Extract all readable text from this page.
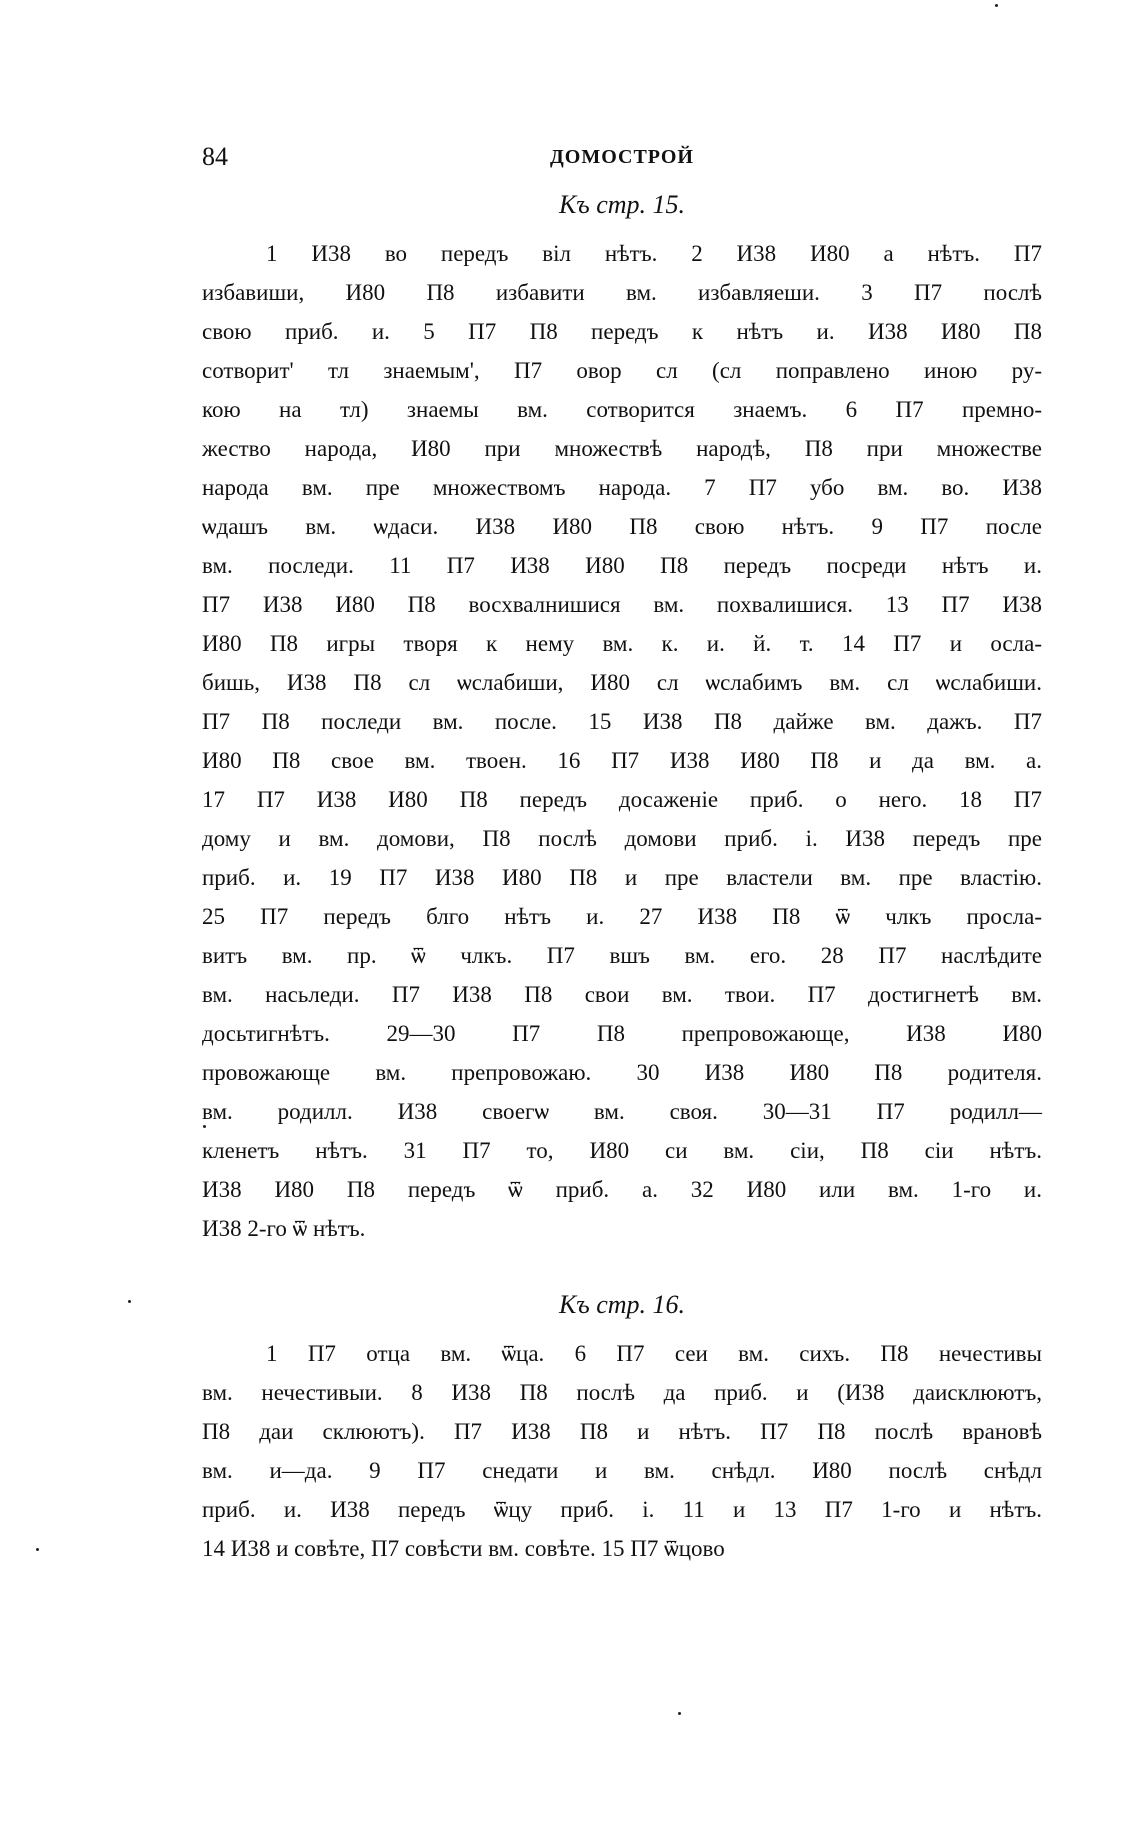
84	ДОМОСТРОЙ
Къ стр. 15.
1 И38 во передъ віл нѣтъ. 2 И38 И80 а нѣтъ. П7
избавиши, И80 П8 избавити вм. избавляеши. 3 П7 послѣ
свою приб. и. 5 П7 П8 передъ к нѣтъ и. И38 И80 П8
сотворит' тл знаемым', П7 овор сл (сл поправлено иною ру-
кою на тл) знаемы вм. сотворится знаемъ. 6 П7 премно-
жество народа, И80 при множествѣ народѣ, П8 при множестве
народа вм. пре множествомъ народа. 7 П7 убо вм. во. И38
ѡдашъ вм. ѡдаси. И38 И80 П8 свою нѣтъ. 9 П7 после
вм. последи. 11 П7 И38 И80 П8 передъ посреди нѣтъ и.
П7 И38 И80 П8 восхвалнишися вм. похвалишися. 13 П7 И38
И80 П8 игры творя к нему вм. к. и. й. т. 14 П7 и осла-
бишь, И38 П8 сл ѡслабиши, И80 сл ѡслабимъ вм. сл ѡслабиши.
П7 П8 последи вм. после. 15 И38 П8 дайже вм. дажъ. П7
И80 П8 свое вм. твоен. 16 П7 И38 И80 П8 и да вм. а.
17 П7 И38 И80 П8 передъ досаженіе приб. о него. 18 П7
дому и вм. домови, П8 послѣ домови приб. і. И38 передъ пре
приб. и. 19 П7 И38 И80 П8 и пре властели вм. пре властію.
25 П7 передъ блго нѣтъ и. 27 И38 П8 ѿ члкъ просла-
витъ вм. пр. ѿ члкъ. П7 вшъ вм. его. 28 П7 наслѣдите
вм. насьледи. П7 И38 П8 свои вм. твои. П7 достигнетѣ вм.
досьтигнѣтъ. 29—30 П7 П8 препровожающе, И38 И80
провожающе вм. препровожаю. 30 И38 И80 П8 родителя.
вм. родилл. И38 своегѡ вм. своя. 30—31 П7 родилл—
кленетъ нѣтъ. 31 П7 то, И80 си вм. сіи, П8 сіи нѣтъ.
И38 И80 П8 передъ ѿ приб. а. 32 И80 или вм. 1-го и.
И38 2-го ѿ нѣтъ.
Къ стр. 16.
1 П7 отца вм. ѿца. 6 П7 сеи вм. сихъ. П8 нечестивы
вм. нечестивыи. 8 И38 П8 послѣ да приб. и (И38 даисклюютъ,
П8 даи склюютъ). П7 И38 П8 и нѣтъ. П7 П8 послѣ врановѣ
вм. и—да. 9 П7 снедати и вм. снѣдл. И80 послѣ снѣдл
приб. и. И38 передъ ѿцу приб. і. 11 и 13 П7 1-го и нѣтъ.
14 И38 и совѣте, П7 совѣсти вм. совѣте. 15 П7 ѿцово
